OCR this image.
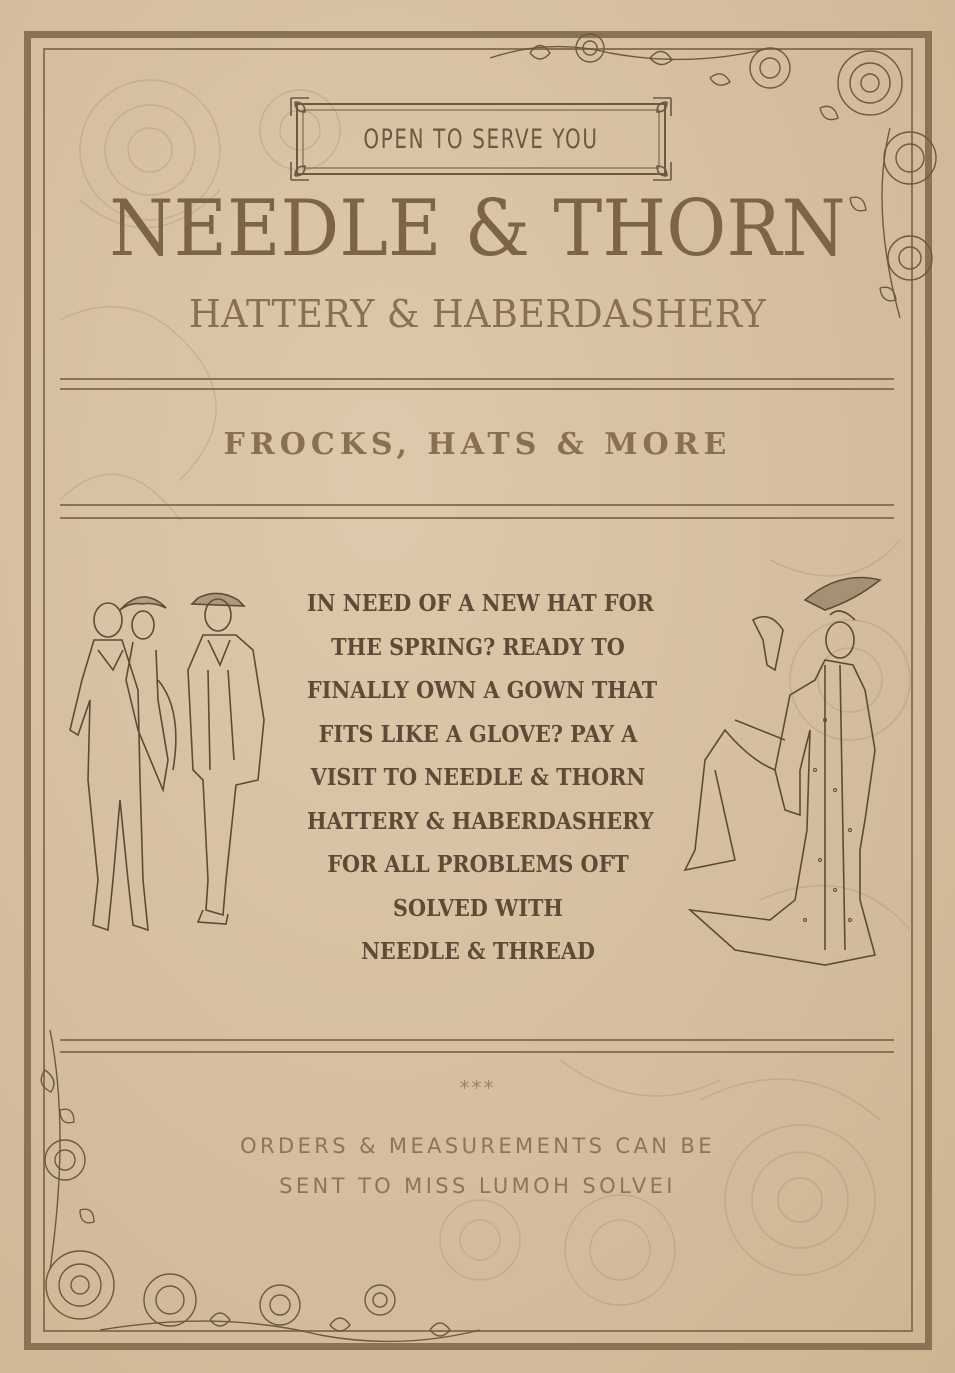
OPEN TO SERVE YOU
NEEDLE & THORN
HATTERY & HABERDASHERY
FROCKS, HATS & MORE
IN NEED OF A NEW HAT FOR
THE SPRING? READY TO
FINALLY OWN A GOWN THAT
FITS LIKE A GLOVE? PAY A
VISIT TO NEEDLE & THORN
HATTERY & HABERDASHERY
FOR ALL PROBLEMS OFT
SOLVED WITH
NEEDLE & THREAD
***
ORDERS & MEASUREMENTS CAN BE
SENT TO MISS LUMOH SOLVEI
